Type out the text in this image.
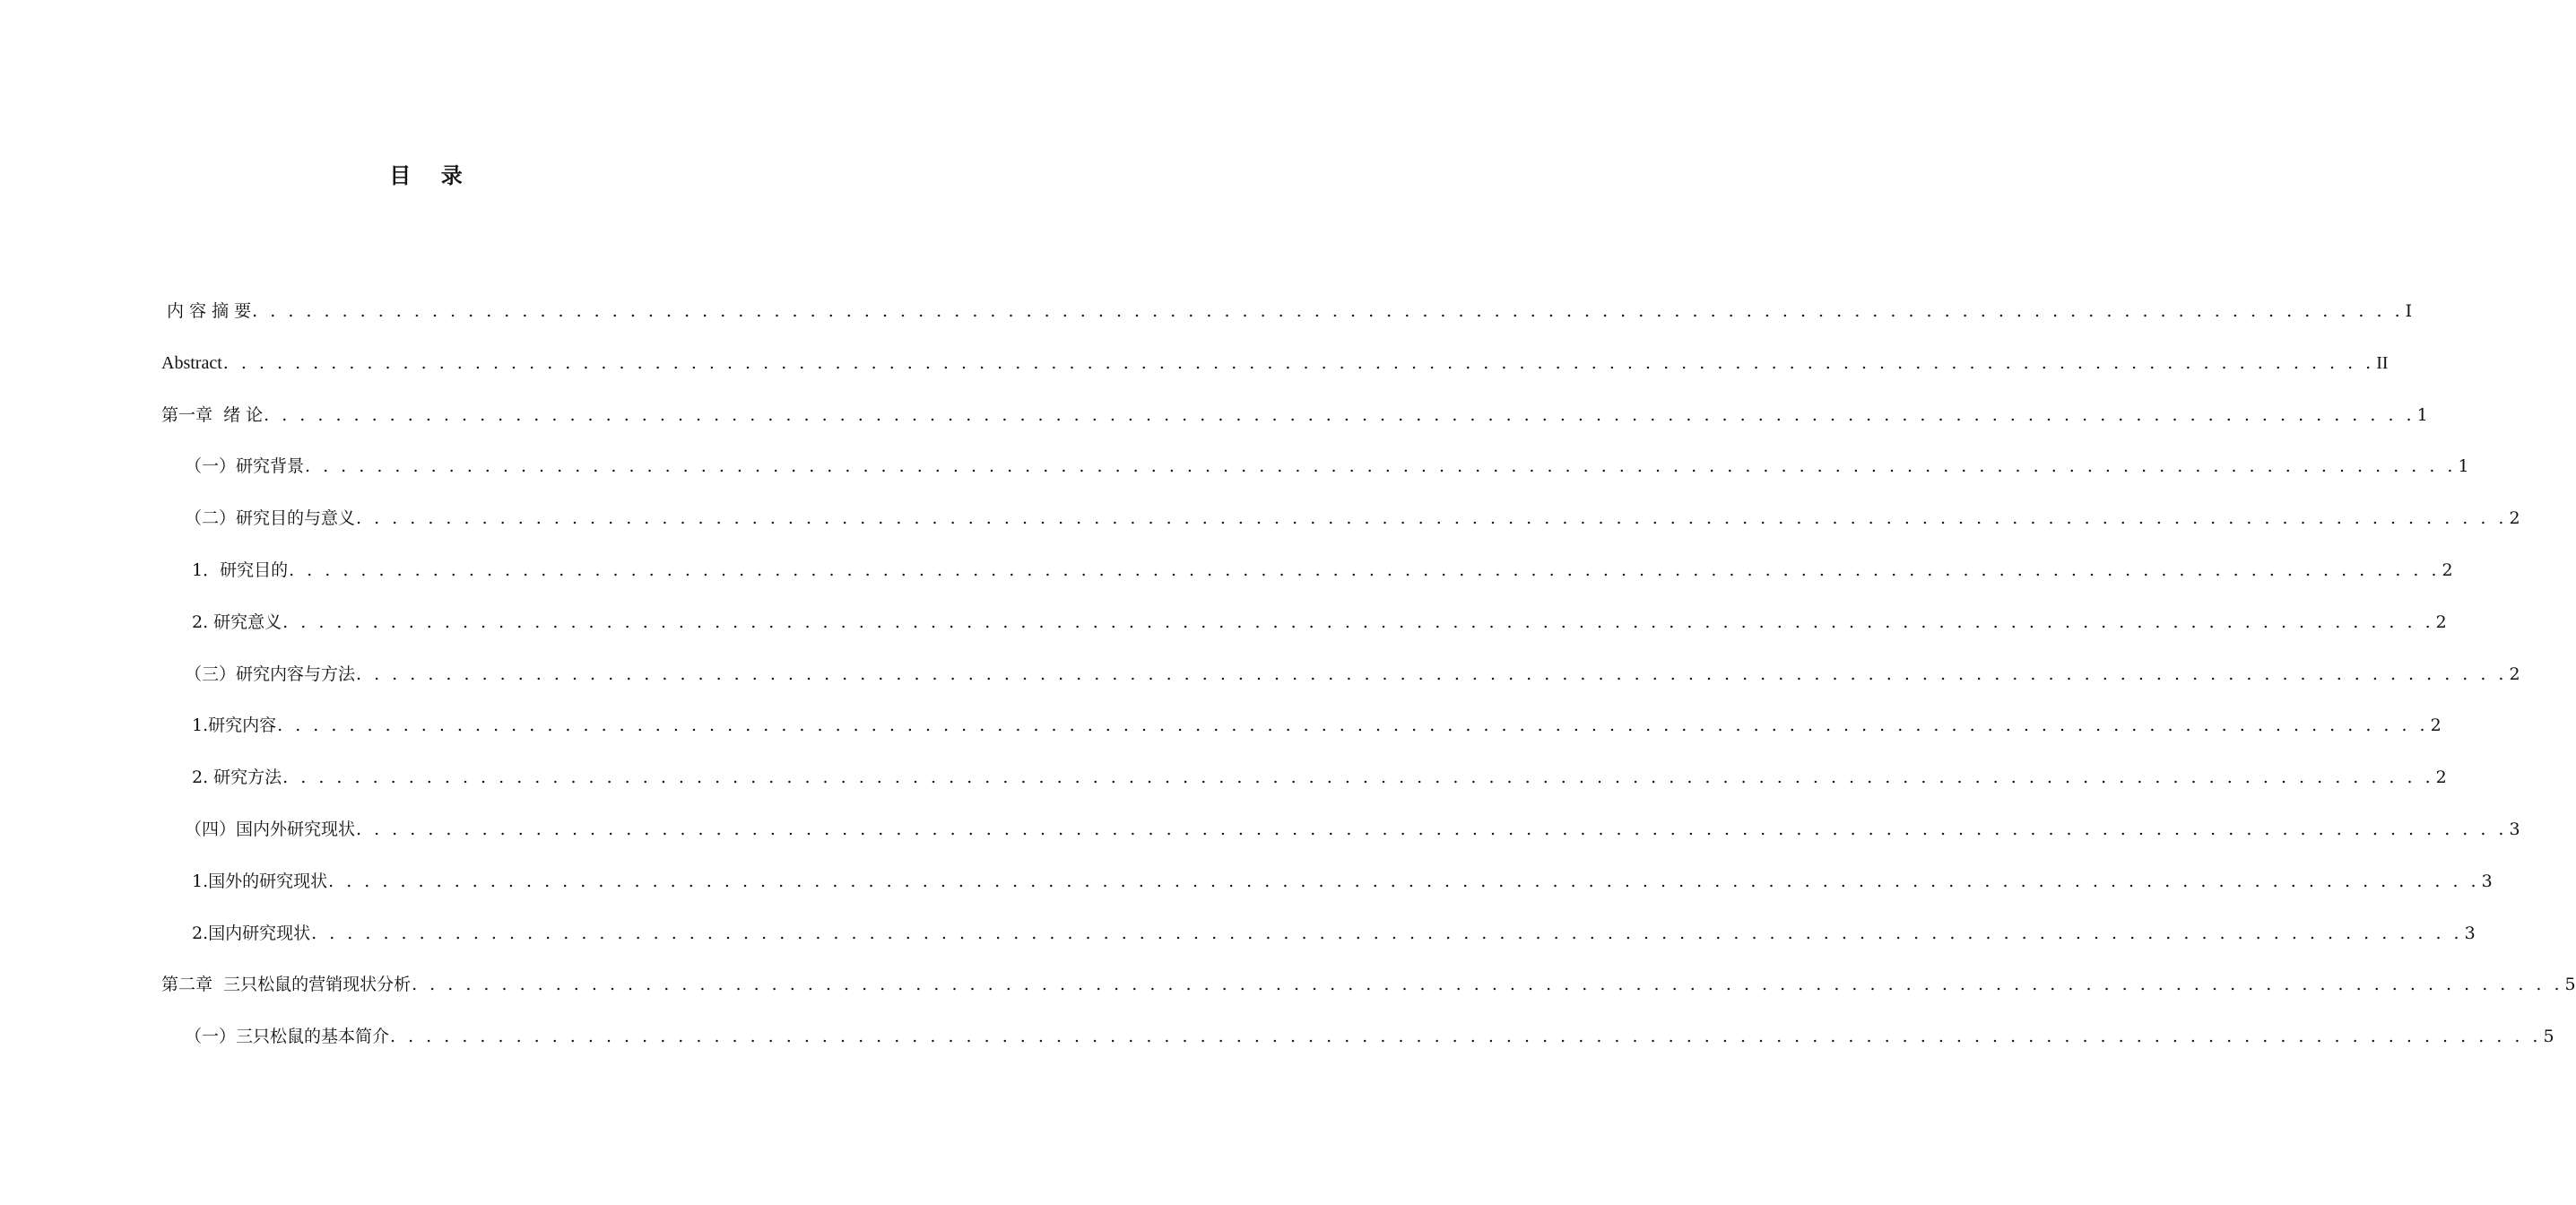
目    录
内 容 摘 要 . . . . . . . . . . . . . . . . . . . . . . . . . . . . . . . . . . . . . . . . . . . . . . . . . . . . . . . . . . . . . . . . . . . . . . . . . . . . . . . . . . . . . . . . . . . . . . . . . . . . . . . . . . . . . . . . . . . . . . . . Ⅰ
Abstract . . . . . . . . . . . . . . . . . . . . . . . . . . . . . . . . . . . . . . . . . . . . . . . . . . . . . . . . . . . . . . . . . . . . . . . . . . . . . . . . . . . . . . . . . . . . . . . . . . . . . . . . . . . . . . . . . . . . . . . . II
第一章  绪 论 . . . . . . . . . . . . . . . . . . . . . . . . . . . . . . . . . . . . . . . . . . . . . . . . . . . . . . . . . . . . . . . . . . . . . . . . . . . . . . . . . . . . . . . . . . . . . . . . . . . . . . . . . . . . . . . . . . . . . . . . 1
（一）研究背景 . . . . . . . . . . . . . . . . . . . . . . . . . . . . . . . . . . . . . . . . . . . . . . . . . . . . . . . . . . . . . . . . . . . . . . . . . . . . . . . . . . . . . . . . . . . . . . . . . . . . . . . . . . . . . . . . . . . . . . . . 1
（二）研究目的与意义 . . . . . . . . . . . . . . . . . . . . . . . . . . . . . . . . . . . . . . . . . . . . . . . . . . . . . . . . . . . . . . . . . . . . . . . . . . . . . . . . . . . . . . . . . . . . . . . . . . . . . . . . . . . . . . . . . . . . . . . . 2
1．研究目的 . . . . . . . . . . . . . . . . . . . . . . . . . . . . . . . . . . . . . . . . . . . . . . . . . . . . . . . . . . . . . . . . . . . . . . . . . . . . . . . . . . . . . . . . . . . . . . . . . . . . . . . . . . . . . . . . . . . . . . . . 2
2. 研究意义 . . . . . . . . . . . . . . . . . . . . . . . . . . . . . . . . . . . . . . . . . . . . . . . . . . . . . . . . . . . . . . . . . . . . . . . . . . . . . . . . . . . . . . . . . . . . . . . . . . . . . . . . . . . . . . . . . . . . . . . . 2
（三）研究内容与方法 . . . . . . . . . . . . . . . . . . . . . . . . . . . . . . . . . . . . . . . . . . . . . . . . . . . . . . . . . . . . . . . . . . . . . . . . . . . . . . . . . . . . . . . . . . . . . . . . . . . . . . . . . . . . . . . . . . . . . . . . 2
1.研究内容 . . . . . . . . . . . . . . . . . . . . . . . . . . . . . . . . . . . . . . . . . . . . . . . . . . . . . . . . . . . . . . . . . . . . . . . . . . . . . . . . . . . . . . . . . . . . . . . . . . . . . . . . . . . . . . . . . . . . . . . . 2
2. 研究方法 . . . . . . . . . . . . . . . . . . . . . . . . . . . . . . . . . . . . . . . . . . . . . . . . . . . . . . . . . . . . . . . . . . . . . . . . . . . . . . . . . . . . . . . . . . . . . . . . . . . . . . . . . . . . . . . . . . . . . . . . 2
（四）国内外研究现状 . . . . . . . . . . . . . . . . . . . . . . . . . . . . . . . . . . . . . . . . . . . . . . . . . . . . . . . . . . . . . . . . . . . . . . . . . . . . . . . . . . . . . . . . . . . . . . . . . . . . . . . . . . . . . . . . . . . . . . . . 3
1.国外的研究现状 . . . . . . . . . . . . . . . . . . . . . . . . . . . . . . . . . . . . . . . . . . . . . . . . . . . . . . . . . . . . . . . . . . . . . . . . . . . . . . . . . . . . . . . . . . . . . . . . . . . . . . . . . . . . . . . . . . . . . . . . 3
2.国内研究现状 . . . . . . . . . . . . . . . . . . . . . . . . . . . . . . . . . . . . . . . . . . . . . . . . . . . . . . . . . . . . . . . . . . . . . . . . . . . . . . . . . . . . . . . . . . . . . . . . . . . . . . . . . . . . . . . . . . . . . . . . 3
第二章  三只松鼠的营销现状分析 . . . . . . . . . . . . . . . . . . . . . . . . . . . . . . . . . . . . . . . . . . . . . . . . . . . . . . . . . . . . . . . . . . . . . . . . . . . . . . . . . . . . . . . . . . . . . . . . . . . . . . . . . . . . . . . . . . . . . . . . 5
（一）三只松鼠的基本简介 . . . . . . . . . . . . . . . . . . . . . . . . . . . . . . . . . . . . . . . . . . . . . . . . . . . . . . . . . . . . . . . . . . . . . . . . . . . . . . . . . . . . . . . . . . . . . . . . . . . . . . . . . . . . . . . . . . . . . . . . 5
